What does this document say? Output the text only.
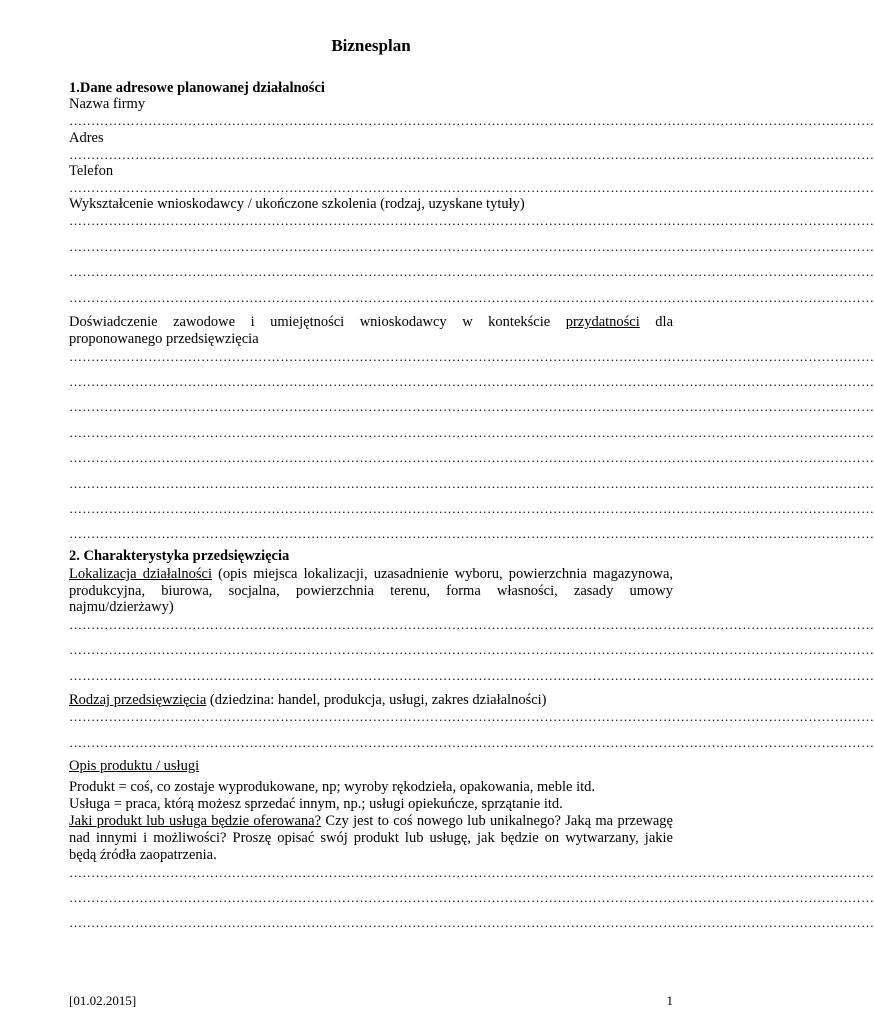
Biznesplan
1.Dane adresowe planowanej działalności
Nazwa firmy
…………………………………………………………………………………………………………………………………………………………………
Adres
…………………………………………………………………………………………………………………………………………………………………
Telefon
…………………………………………………………………………………………………………………………………………………………………
Wykształcenie wnioskodawcy / ukończone szkolenia (rodzaj, uzyskane tytuły)
…………………………………………………………………………………………………………………………………………………………………
…………………………………………………………………………………………………………………………………………………………………
…………………………………………………………………………………………………………………………………………………………………
…………………………………………………………………………………………………………………………………………………………………
Doświadczenie zawodowe i umiejętności wnioskodawcy w kontekście przydatności dla
proponowanego przedsięwzięcia
…………………………………………………………………………………………………………………………………………………………………
…………………………………………………………………………………………………………………………………………………………………
…………………………………………………………………………………………………………………………………………………………………
…………………………………………………………………………………………………………………………………………………………………
…………………………………………………………………………………………………………………………………………………………………
…………………………………………………………………………………………………………………………………………………………………
…………………………………………………………………………………………………………………………………………………………………
…………………………………………………………………………………………………………………………………………………………………
2. Charakterystyka przedsięwzięcia
Lokalizacja działalności (opis miejsca lokalizacji, uzasadnienie wyboru, powierzchnia magazynowa,
produkcyjna, biurowa, socjalna, powierzchnia terenu, forma własności, zasady umowy
najmu/dzierżawy)
…………………………………………………………………………………………………………………………………………………………………
…………………………………………………………………………………………………………………………………………………………………
…………………………………………………………………………………………………………………………………………………………………
Rodzaj przedsięwzięcia (dziedzina: handel, produkcja, usługi, zakres działalności)
…………………………………………………………………………………………………………………………………………………………………
…………………………………………………………………………………………………………………………………………………………………
Opis produktu / usługi
Produkt = coś, co zostaje wyprodukowane, np; wyroby rękodzieła, opakowania, meble itd.
Usługa = praca, którą możesz sprzedać innym, np.; usługi opiekuńcze, sprzątanie itd.
Jaki produkt lub usługa będzie oferowana? Czy jest to coś nowego lub unikalnego? Jaką ma przewagę
nad innymi i możliwości? Proszę opisać swój produkt lub usługę, jak będzie on wytwarzany, jakie
będą źródła zaopatrzenia.
…………………………………………………………………………………………………………………………………………………………………
…………………………………………………………………………………………………………………………………………………………………
…………………………………………………………………………………………………………………………………………………………………
[01.02.2015]	1
